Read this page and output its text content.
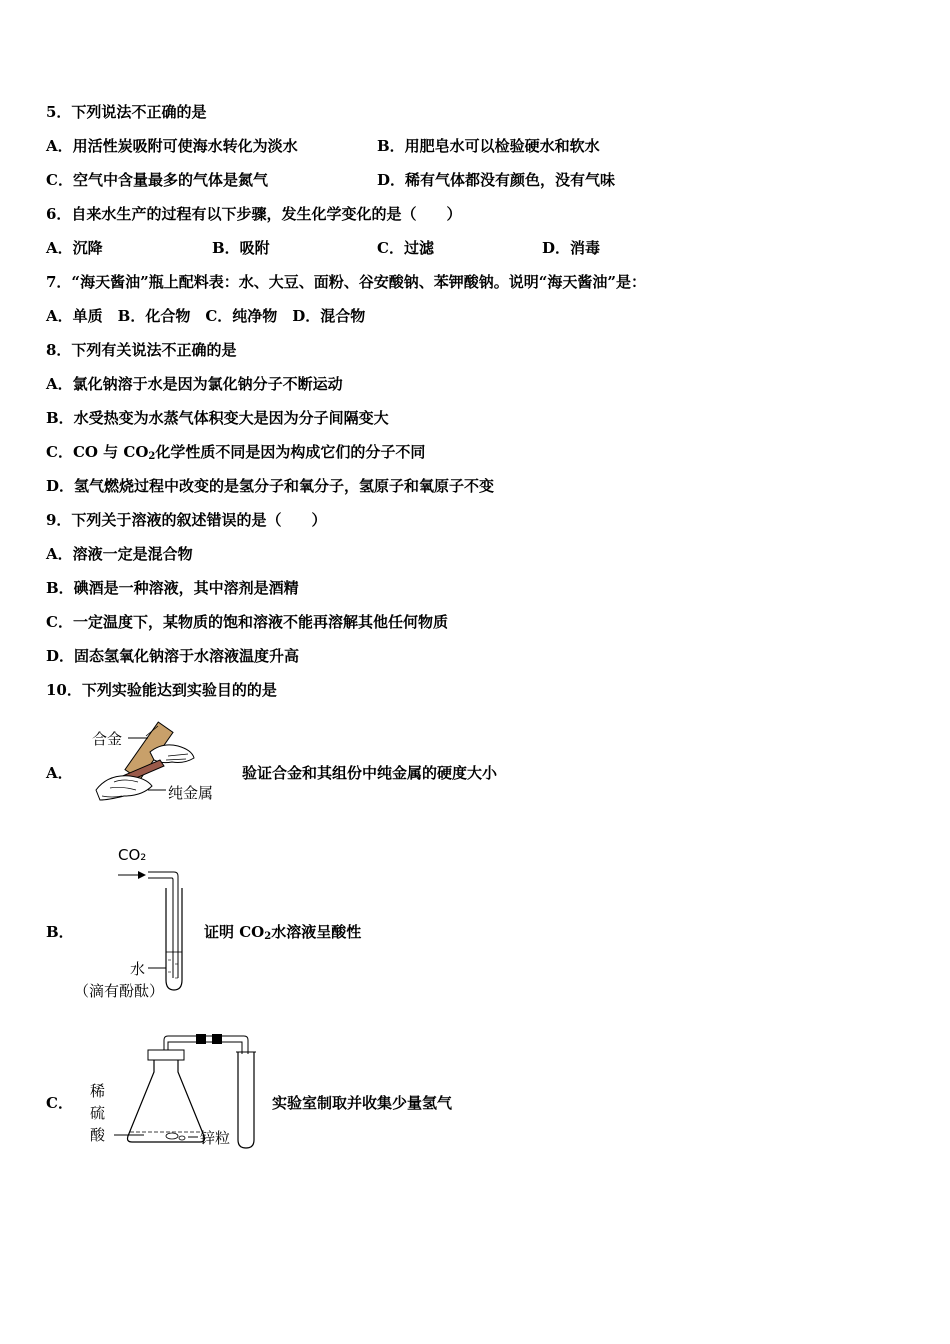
5．下列说法不正确的是
A．用活性炭吸附可使海水转化为淡水	B．用肥皂水可以检验硬水和软水
C．空气中含量最多的气体是氮气	D．稀有气体都没有颜色，没有气味
6．自来水生产的过程有以下步骤，发生化学变化的是（　　）
A．沉降	B．吸附	C．过滤	D．消毒
7．“海天酱油”瓶上配料表：水、大豆、面粉、谷安酸钠、苯钾酸钠。说明“海天酱油”是：
A．单质　B．化合物　C．纯净物　D．混合物
8．下列有关说法不正确的是
A．氯化钠溶于水是因为氯化钠分子不断运动
B．水受热变为水蒸气体积变大是因为分子间隔变大
C．CO 与 $CO_2$化学性质不同是因为构成它们的分子不同
D．氢气燃烧过程中改变的是氢分子和氧分子，氢原子和氧原子不变
9．下列关于溶液的叙述错误的是（　　）
A．溶液一定是混合物
B．碘酒是一种溶液，其中溶剂是酒精
C．一定温度下，某物质的饱和溶液不能再溶解其他任何物质
D．固态氢氧化钠溶于水溶液温度升高
10．下列实验能达到实验目的的是
A．
合金
纯金属
验证合金和其组份中纯金属的硬度大小
B．
CO₂
水
（滴有酚酞）
证明 $CO_2$水溶液呈酸性
C．
稀
硫
酸	锌粒
实验室制取并收集少量氢气
